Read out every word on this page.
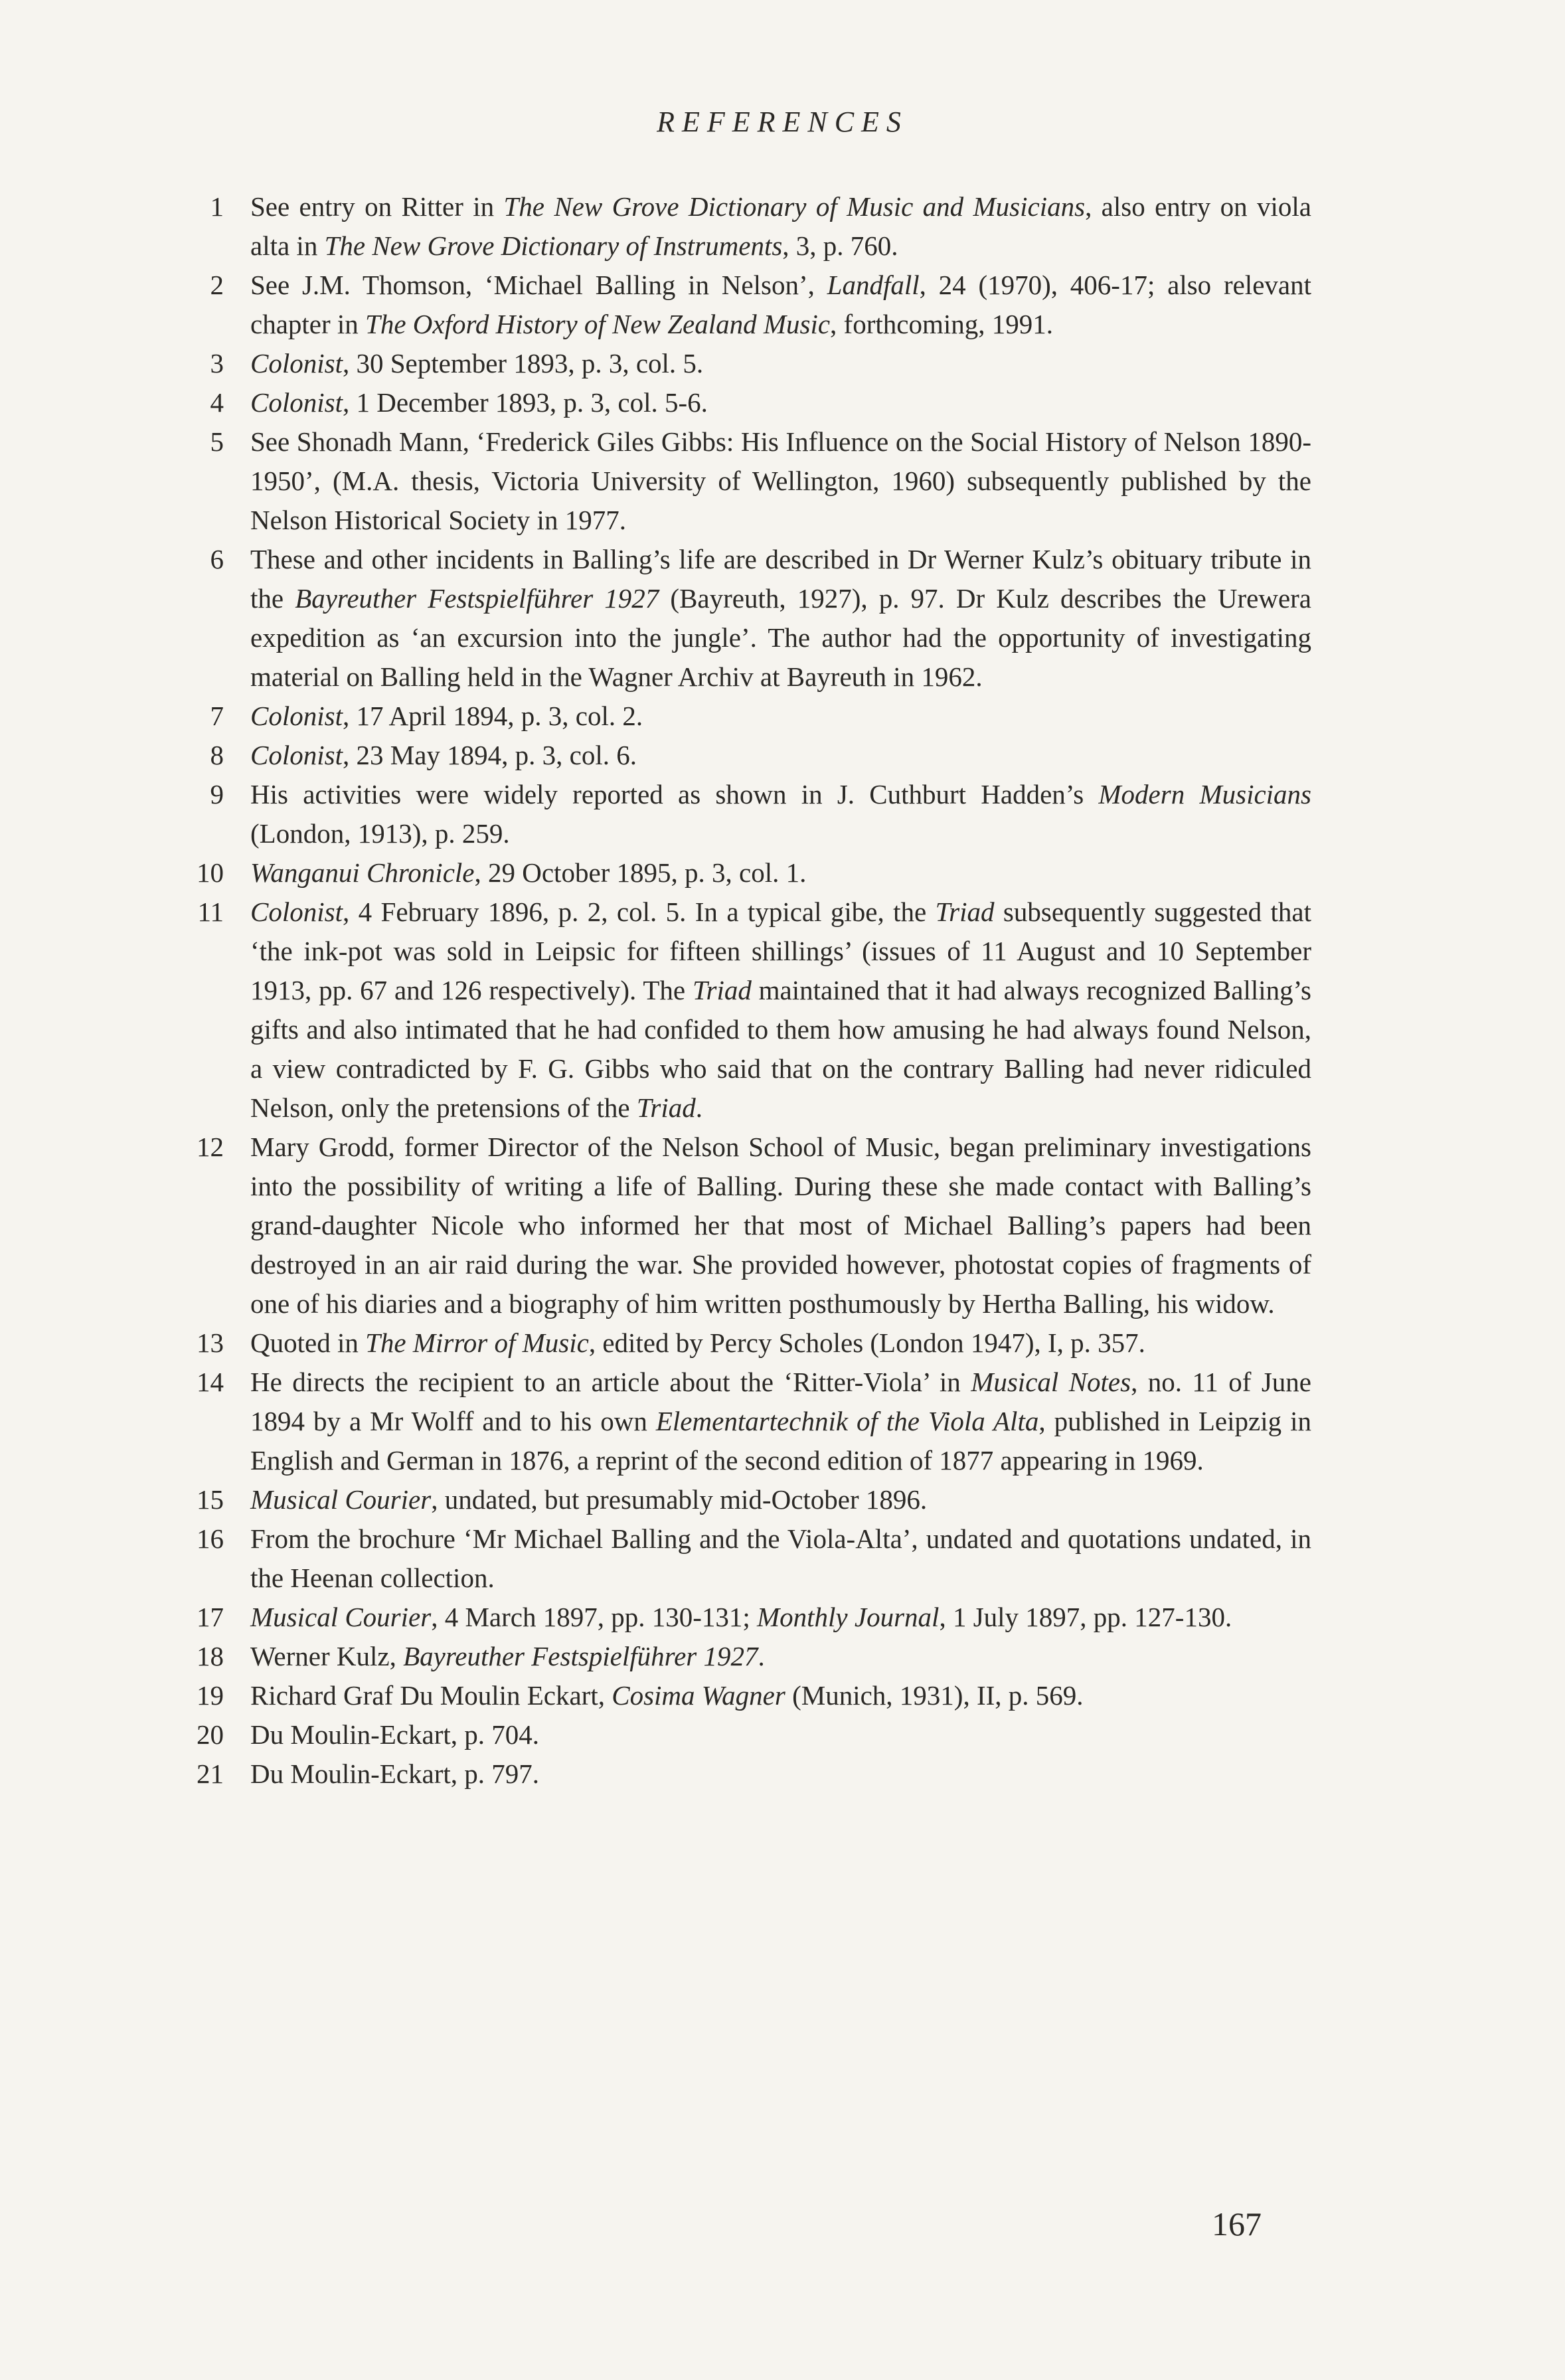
REFERENCES
1 See entry on Ritter in The New Grove Dictionary of Music and Musicians, also entry on viola alta in The New Grove Dictionary of Instruments, 3, p. 760.
2 See J.M. Thomson, ‘Michael Balling in Nelson’, Landfall, 24 (1970), 406-17; also relevant chapter in The Oxford History of New Zealand Music, forthcoming, 1991.
3 Colonist, 30 September 1893, p. 3, col. 5.
4 Colonist, 1 December 1893, p. 3, col. 5-6.
5 See Shonadh Mann, ‘Frederick Giles Gibbs: His Influence on the Social History of Nelson 1890-1950’, (M.A. thesis, Victoria University of Wellington, 1960) subsequently published by the Nelson Historical Society in 1977.
6 These and other incidents in Balling’s life are described in Dr Werner Kulz’s obituary tribute in the Bayreuther Festspielführer 1927 (Bayreuth, 1927), p. 97. Dr Kulz describes the Urewera expedition as ‘an excursion into the jungle’. The author had the opportunity of investigating material on Balling held in the Wagner Archiv at Bayreuth in 1962.
7 Colonist, 17 April 1894, p. 3, col. 2.
8 Colonist, 23 May 1894, p. 3, col. 6.
9 His activities were widely reported as shown in J. Cuthburt Hadden’s Modern Musicians (London, 1913), p. 259.
10 Wanganui Chronicle, 29 October 1895, p. 3, col. 1.
11 Colonist, 4 February 1896, p. 2, col. 5. In a typical gibe, the Triad subsequently suggested that ‘the ink-pot was sold in Leipsic for fifteen shillings’ (issues of 11 August and 10 September 1913, pp. 67 and 126 respectively). The Triad maintained that it had always recognized Balling’s gifts and also intimated that he had confided to them how amusing he had always found Nelson, a view contradicted by F. G. Gibbs who said that on the contrary Balling had never ridiculed Nelson, only the pretensions of the Triad.
12 Mary Grodd, former Director of the Nelson School of Music, began preliminary investigations into the possibility of writing a life of Balling. During these she made contact with Balling’s grand-daughter Nicole who informed her that most of Michael Balling’s papers had been destroyed in an air raid during the war. She provided however, photostat copies of fragments of one of his diaries and a biography of him written posthumously by Hertha Balling, his widow.
13 Quoted in The Mirror of Music, edited by Percy Scholes (London 1947), I, p. 357.
14 He directs the recipient to an article about the ‘Ritter-Viola’ in Musical Notes, no. 11 of June 1894 by a Mr Wolff and to his own Elementartechnik of the Viola Alta, published in Leipzig in English and German in 1876, a reprint of the second edition of 1877 appearing in 1969.
15 Musical Courier, undated, but presumably mid-October 1896.
16 From the brochure ‘Mr Michael Balling and the Viola-Alta’, undated and quotations undated, in the Heenan collection.
17 Musical Courier, 4 March 1897, pp. 130-131; Monthly Journal, 1 July 1897, pp. 127-130.
18 Werner Kulz, Bayreuther Festspielführer 1927.
19 Richard Graf Du Moulin Eckart, Cosima Wagner (Munich, 1931), II, p. 569.
20 Du Moulin-Eckart, p. 704.
21 Du Moulin-Eckart, p. 797.
167
